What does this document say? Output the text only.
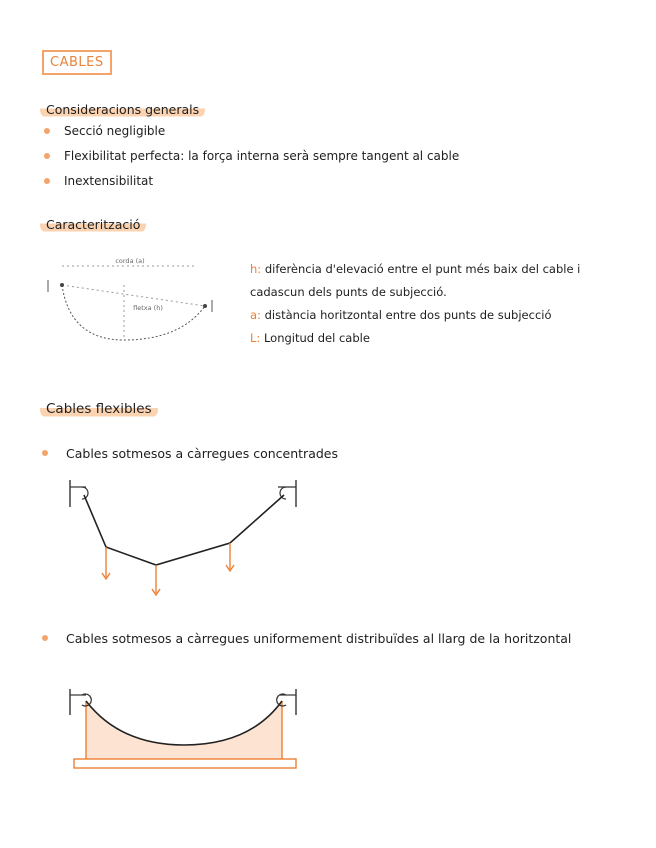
CABLES
Consideracions generals
Secció negligible
Flexibilitat perfecta: la força interna serà sempre tangent al cable
Inextensibilitat
Caracterització
corda (a)
fletxa (h)
h: diferència d'elevació entre el punt més baix del cable i cadascun dels punts de subjecció.
a: distància horitzontal entre dos punts de subjecció
L: Longitud del cable
Cables flexibles
Cables sotmesos a càrregues concentrades
Cables sotmesos a càrregues uniformement distribuïdes al llarg de la horitzontal
